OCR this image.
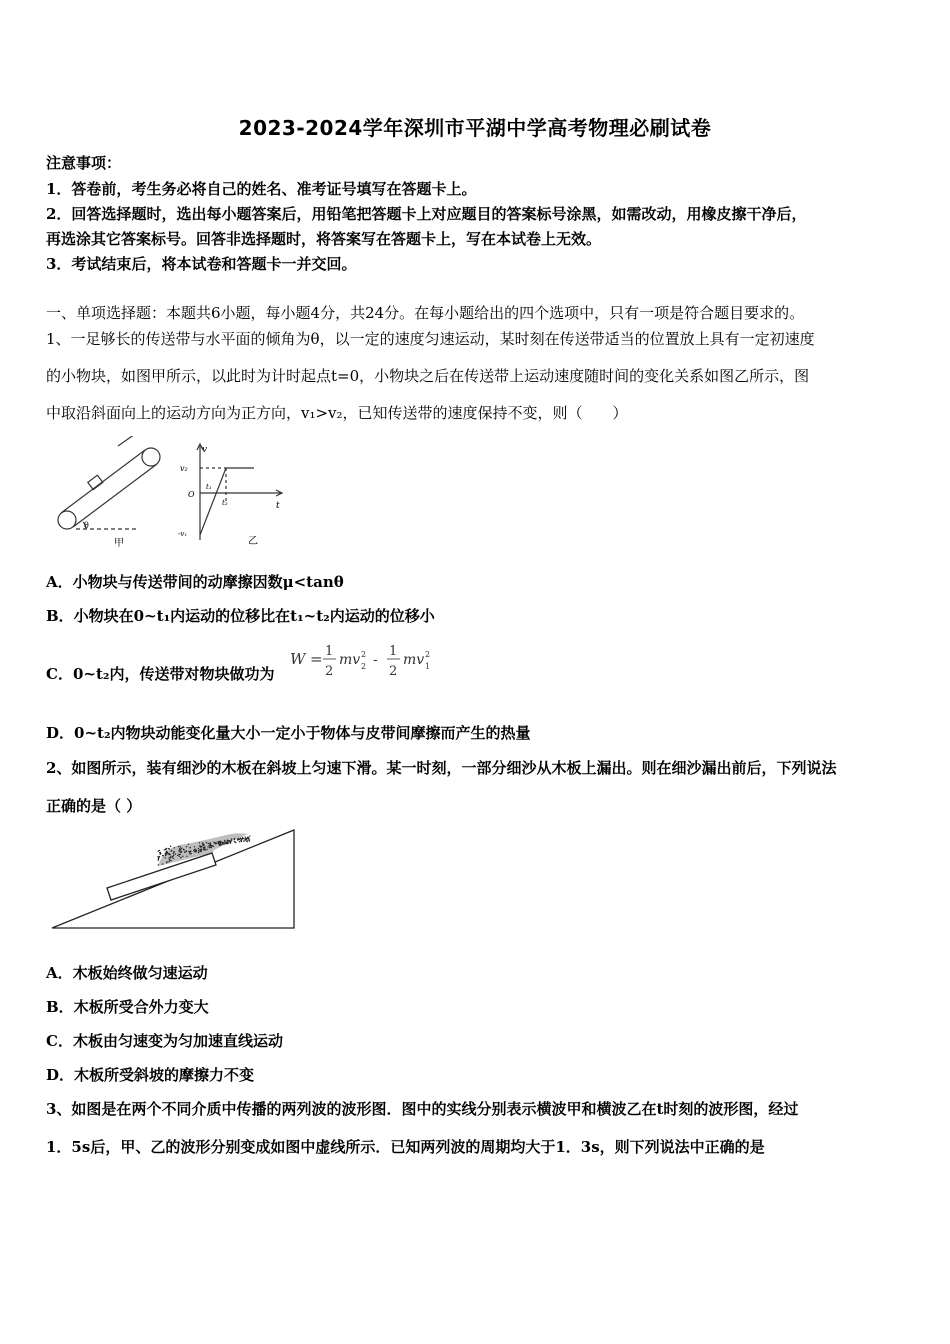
2023-2024学年深圳市平湖中学高考物理必刷试卷
注意事项：
1．答卷前，考生务必将自己的姓名、准考证号填写在答题卡上。
2．回答选择题时，选出每小题答案后，用铅笔把答题卡上对应题目的答案标号涂黑，如需改动，用橡皮擦干净后，
再选涂其它答案标号。回答非选择题时，将答案写在答题卡上，写在本试卷上无效。
3．考试结束后，将本试卷和答题卡一并交回。
一、单项选择题：本题共6小题，每小题4分，共24分。在每小题给出的四个选项中，只有一项是符合题目要求的。
1、一足够长的传送带与水平面的倾角为θ，以一定的速度匀速运动，某时刻在传送带适当的位置放上具有一定初速度
的小物块，如图甲所示，以此时为计时起点t=0，小物块之后在传送带上运动速度随时间的变化关系如图乙所示，图
中取沿斜面向上的运动方向为正方向，v₁>v₂，已知传送带的速度保持不变，则（　　）
θ
甲
v
t
v₂
O
t₁
t₂
-v₁
乙
A．小物块与传送带间的动摩擦因数μ<tanθ
B．小物块在0~t₁内运动的位移比在t₁~t₂内运动的位移小
C．0~t₂内，传送带对物块做功为
W = 1
2
mv 2
2 -
1
2
mv 2
1
D．0~t₂内物块动能变化量大小一定小于物体与皮带间摩擦而产生的热量
2、如图所示，装有细沙的木板在斜坡上匀速下滑。某一时刻，一部分细沙从木板上漏出。则在细沙漏出前后，下列说法
正确的是（ ）
A．木板始终做匀速运动
B．木板所受合外力变大
C．木板由匀速变为匀加速直线运动
D．木板所受斜坡的摩擦力不变
3、如图是在两个不同介质中传播的两列波的波形图．图中的实线分别表示横波甲和横波乙在t时刻的波形图，经过
1．5s后，甲、乙的波形分别变成如图中虚线所示．已知两列波的周期均大于1．3s，则下列说法中正确的是
